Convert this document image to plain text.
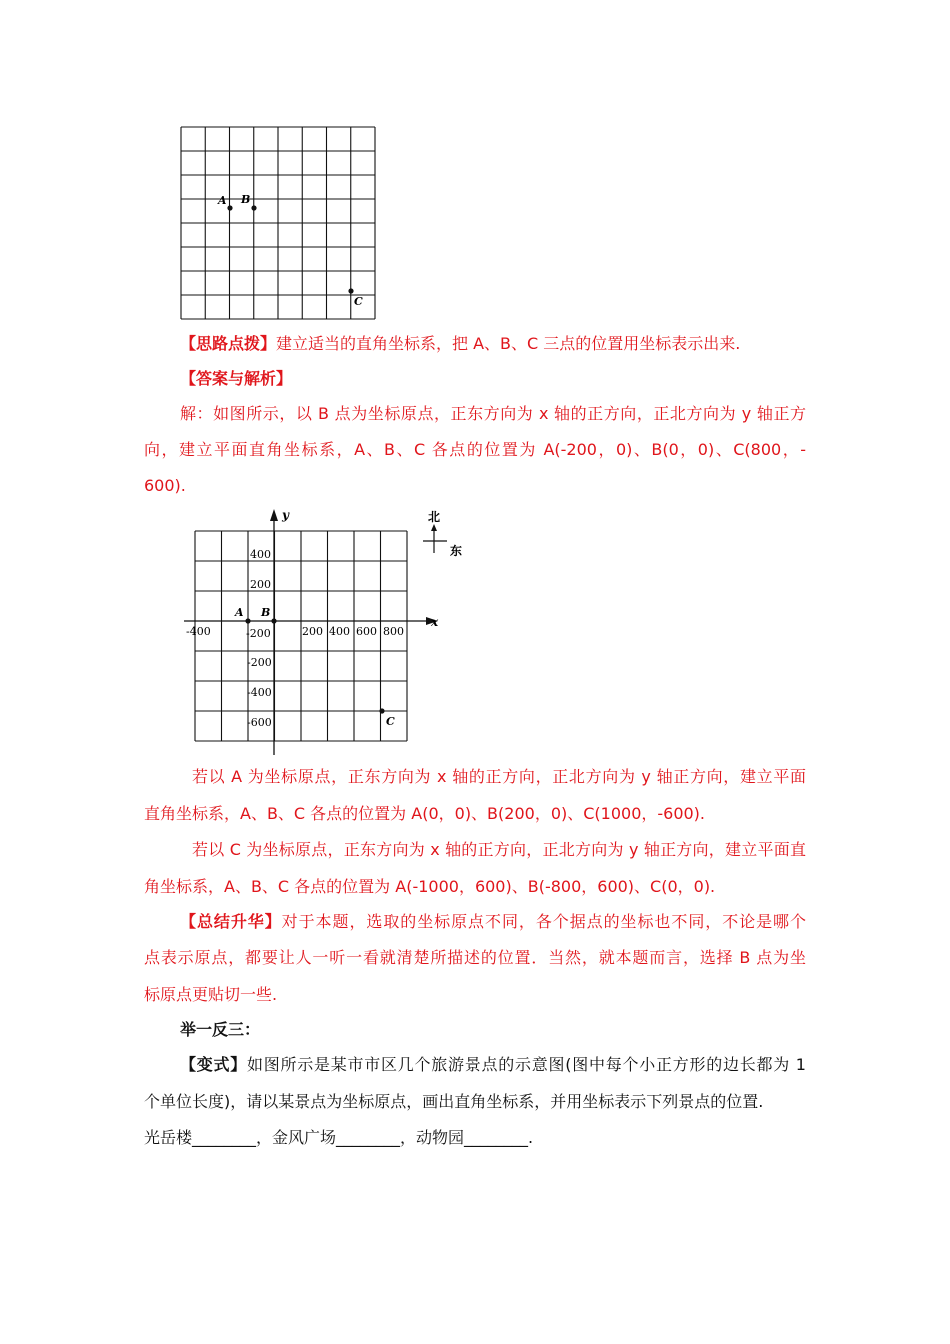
A B
C
【思路点拨】建立适当的直角坐标系，把 A、B、C 三点的位置用坐标表示出来.
【答案与解析】
解：如图所示，以 B 点为坐标原点，正东方向为 x 轴的正方向，正北方向为 y 轴正方
向，建立平面直角坐标系，A、B、C 各点的位置为 A(-200，0)、B(0，0)、C(800，-
600).
x
y
-400	-200	200 400 600 800
400
200
-200
-400
-600
A B
C
北
东
若以 A 为坐标原点，正东方向为 x 轴的正方向，正北方向为 y 轴正方向，建立平面
直角坐标系，A、B、C 各点的位置为 A(0，0)、B(200，0)、C(1000，-600).
若以 C 为坐标原点，正东方向为 x 轴的正方向，正北方向为 y 轴正方向，建立平面直
角坐标系，A、B、C 各点的位置为 A(-1000，600)、B(-800，600)、C(0，0).
【总结升华】对于本题，选取的坐标原点不同，各个据点的坐标也不同，不论是哪个
点表示原点，都要让人一听一看就清楚所描述的位置．当然，就本题而言，选择 B 点为坐
标原点更贴切一些.
举一反三：
【变式】如图所示是某市市区几个旅游景点的示意图(图中每个小正方形的边长都为 1
个单位长度)，请以某景点为坐标原点，画出直角坐标系，并用坐标表示下列景点的位置.
光岳楼________，金风广场________，动物园________.
